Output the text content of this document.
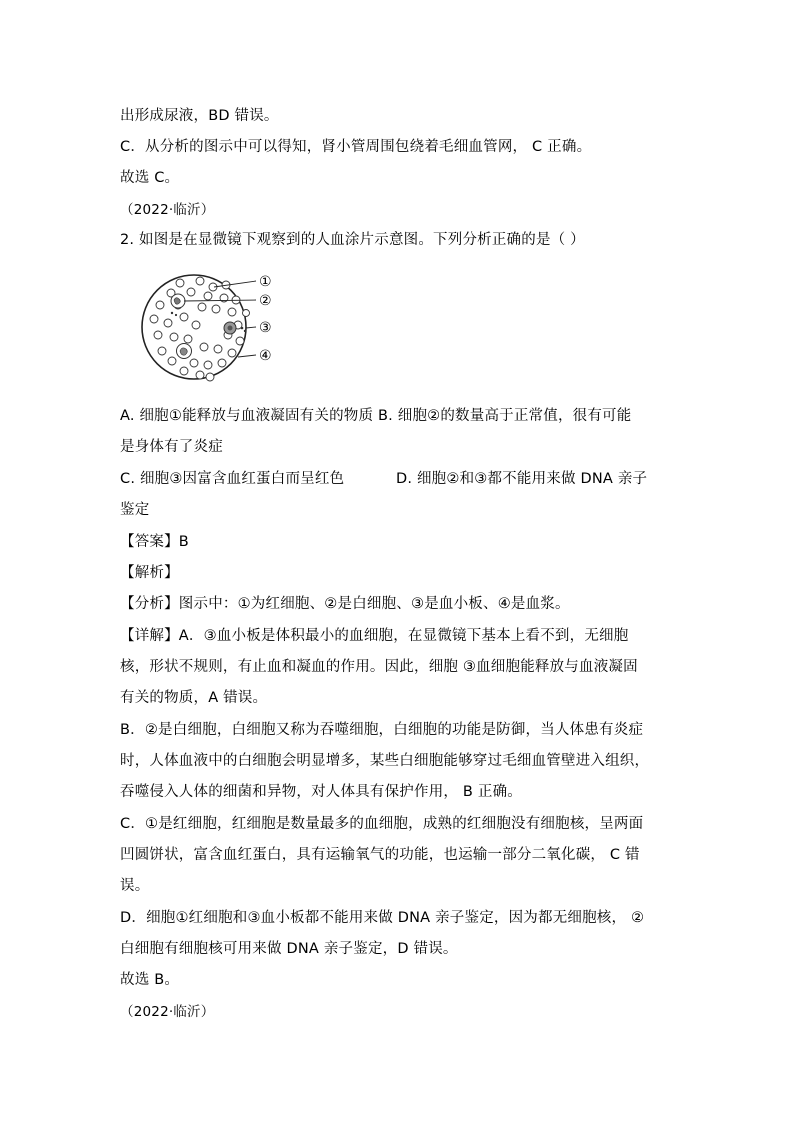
出形成尿液，BD 错误。
C．从分析的图示中可以得知，肾小管周围包绕着毛细血管网， C 正确。
故选 C。
（2022·临沂）
2. 如图是在显微镜下观察到的人血涂片示意图。下列分析正确的是（ ）
①
②
③
④
A. 细胞①能释放与血液凝固有关的物质 B. 细胞②的数量高于正常值，很有可能
是身体有了炎症
C. 细胞③因富含血红蛋白而呈红色	D. 细胞②和③都不能用来做 DNA 亲子
鉴定
【答案】B
【解析】
【分析】图示中：①为红细胞、②是白细胞、③是血小板、④是血浆。
【详解】A．③血小板是体积最小的血细胞，在显微镜下基本上看不到，无细胞
核，形状不规则，有止血和凝血的作用。因此，细胞 ③血细胞能释放与血液凝固
有关的物质，A 错误。
B．②是白细胞，白细胞又称为吞噬细胞，白细胞的功能是防御，当人体患有炎症
时，人体血液中的白细胞会明显增多，某些白细胞能够穿过毛细血管壁进入组织，
吞噬侵入人体的细菌和异物，对人体具有保护作用， B 正确。
C．①是红细胞，红细胞是数量最多的血细胞，成熟的红细胞没有细胞核，呈两面
凹圆饼状，富含血红蛋白，具有运输氧气的功能，也运输一部分二氧化碳， C 错
误。
D．细胞①红细胞和③血小板都不能用来做 DNA 亲子鉴定，因为都无细胞核， ②
白细胞有细胞核可用来做 DNA 亲子鉴定，D 错误。
故选 B。
（2022·临沂）
